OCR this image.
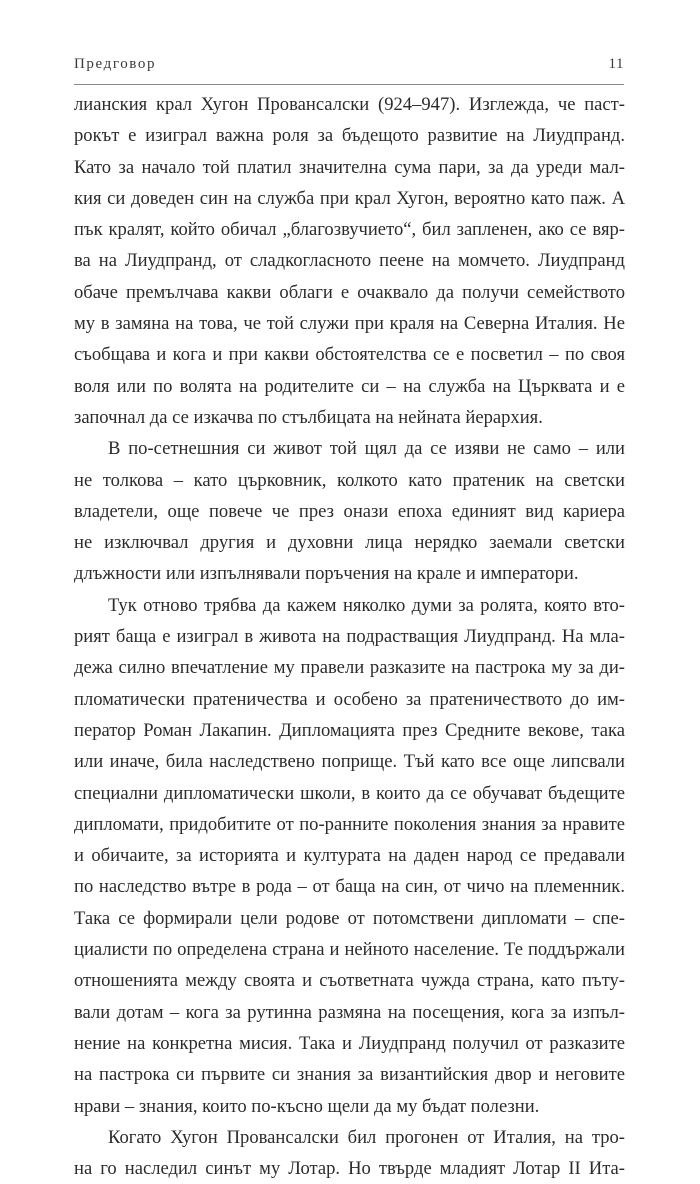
Предговор	11
лианския крал Хугон Провансалски (924–947). Изглежда, че паст-
рокът е изиграл важна роля за бъдещото развитие на Лиудпранд.
Като за начало той платил значителна сума пари, за да уреди мал-
кия си доведен син на служба при крал Хугон, вероятно като паж. А
пък кралят, който обичал „благозвучието“, бил запленен, ако се вяр-
ва на Лиудпранд, от сладкогласното пеене на момчето. Лиудпранд
обаче премълчава какви облаги е очаквало да получи семейството
му в замяна на това, че той служи при краля на Северна Италия. Не
съобщава и кога и при какви обстоятелства се е посветил – по своя
воля или по волята на родителите си – на служба на Църквата и е
започнал да се изкачва по стълбицата на нейната йерархия.
В по-сетнешния си живот той щял да се изяви не само – или
не толкова – като църковник, колкото като пратеник на светски
владетели, още повече че през онази епоха единият вид кариера
не изключвал другия и духовни лица нерядко заемали светски
длъжности или изпълнявали поръчения на крале и императори.
Тук отново трябва да кажем няколко думи за ролята, която вто-
рият баща е изиграл в живота на подрастващия Лиудпранд. На мла-
дежа силно впечатление му правели разказите на пастрока му за ди-
пломатически пратеничества и особено за пратеничеството до им-
ператор Роман Лакапин. Дипломацията през Средните векове, така
или иначе, била наследствено поприще. Тъй като все още липсвали
специални дипломатически школи, в които да се обучават бъдещите
дипломати, придобитите от по-ранните поколения знания за нравите
и обичаите, за историята и културата на даден народ се предавали
по наследство вътре в рода – от баща на син, от чичо на племенник.
Така се формирали цели родове от потомствени дипломати – спе-
циалисти по определена страна и нейното население. Те поддържали
отношенията между своята и съответната чужда страна, като пъту-
вали дотам – кога за рутинна размяна на посещения, кога за изпъл-
нение на конкретна мисия. Така и Лиудпранд получил от разказите
на пастрока си първите си знания за византийския двор и неговите
нрави – знания, които по-късно щели да му бъдат полезни.
Когато Хугон Провансалски бил прогонен от Италия, на тро-
на го наследил синът му Лотар. Но твърде младият Лотар II Ита-
